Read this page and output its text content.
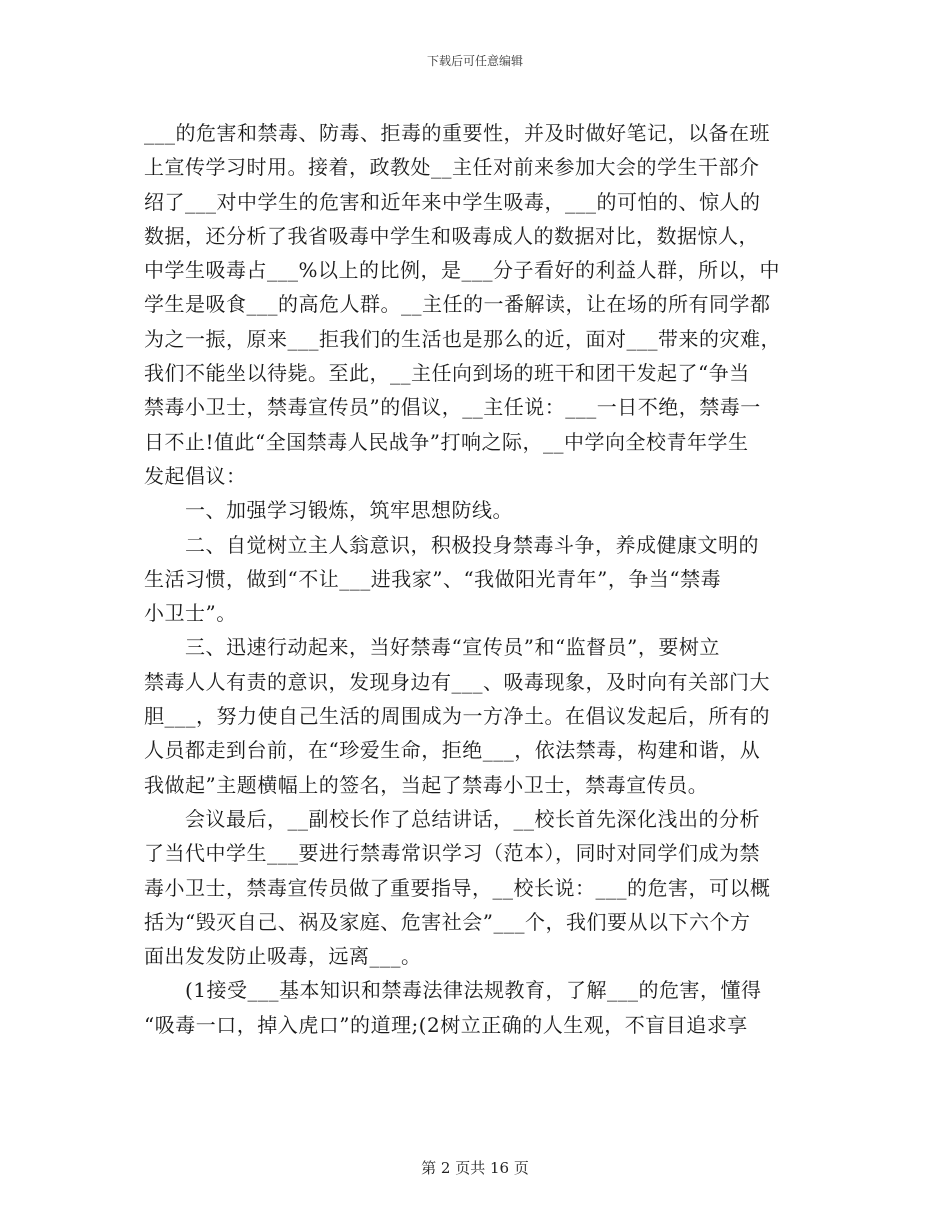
下载后可任意编辑
___的危害和禁毒、防毒、拒毒的重要性，并及时做好笔记，以备在班
上宣传学习时用。接着，政教处__主任对前来参加大会的学生干部介
绍了___对中学生的危害和近年来中学生吸毒，___的可怕的、惊人的
数据，还分析了我省吸毒中学生和吸毒成人的数据对比，数据惊人，
中学生吸毒占___%以上的比例，是___分子看好的利益人群，所以，中
学生是吸食___的高危人群。__主任的一番解读，让在场的所有同学都
为之一振，原来___拒我们的生活也是那么的近，面对___带来的灾难，
我们不能坐以待毙。至此，__主任向到场的班干和团干发起了“争当
禁毒小卫士，禁毒宣传员”的倡议，__主任说：___一日不绝，禁毒一
日不止!值此“全国禁毒人民战争”打响之际，__中学向全校青年学生
发起倡议：
　　一、加强学习锻炼，筑牢思想防线。
　　二、自觉树立主人翁意识，积极投身禁毒斗争，养成健康文明的
生活习惯，做到“不让___进我家”、“我做阳光青年”，争当“禁毒
小卫士”。
　　三、迅速行动起来，当好禁毒“宣传员”和“监督员”，要树立
禁毒人人有责的意识，发现身边有___、吸毒现象，及时向有关部门大
胆___，努力使自己生活的周围成为一方净土。在倡议发起后，所有的
人员都走到台前，在“珍爱生命，拒绝___，依法禁毒，构建和谐，从
我做起”主题横幅上的签名，当起了禁毒小卫士，禁毒宣传员。
　　会议最后，__副校长作了总结讲话，__校长首先深化浅出的分析
了当代中学生___要进行禁毒常识学习（范本），同时对同学们成为禁
毒小卫士，禁毒宣传员做了重要指导，__校长说：___的危害，可以概
括为“毁灭自己、祸及家庭、危害社会”___个，我们要从以下六个方
面出发发防止吸毒，远离___。
　　(1接受___基本知识和禁毒法律法规教育，了解___的危害，懂得
“吸毒一口，掉入虎口”的道理;(2树立正确的人生观，不盲目追求享
第 2 页共 16 页
